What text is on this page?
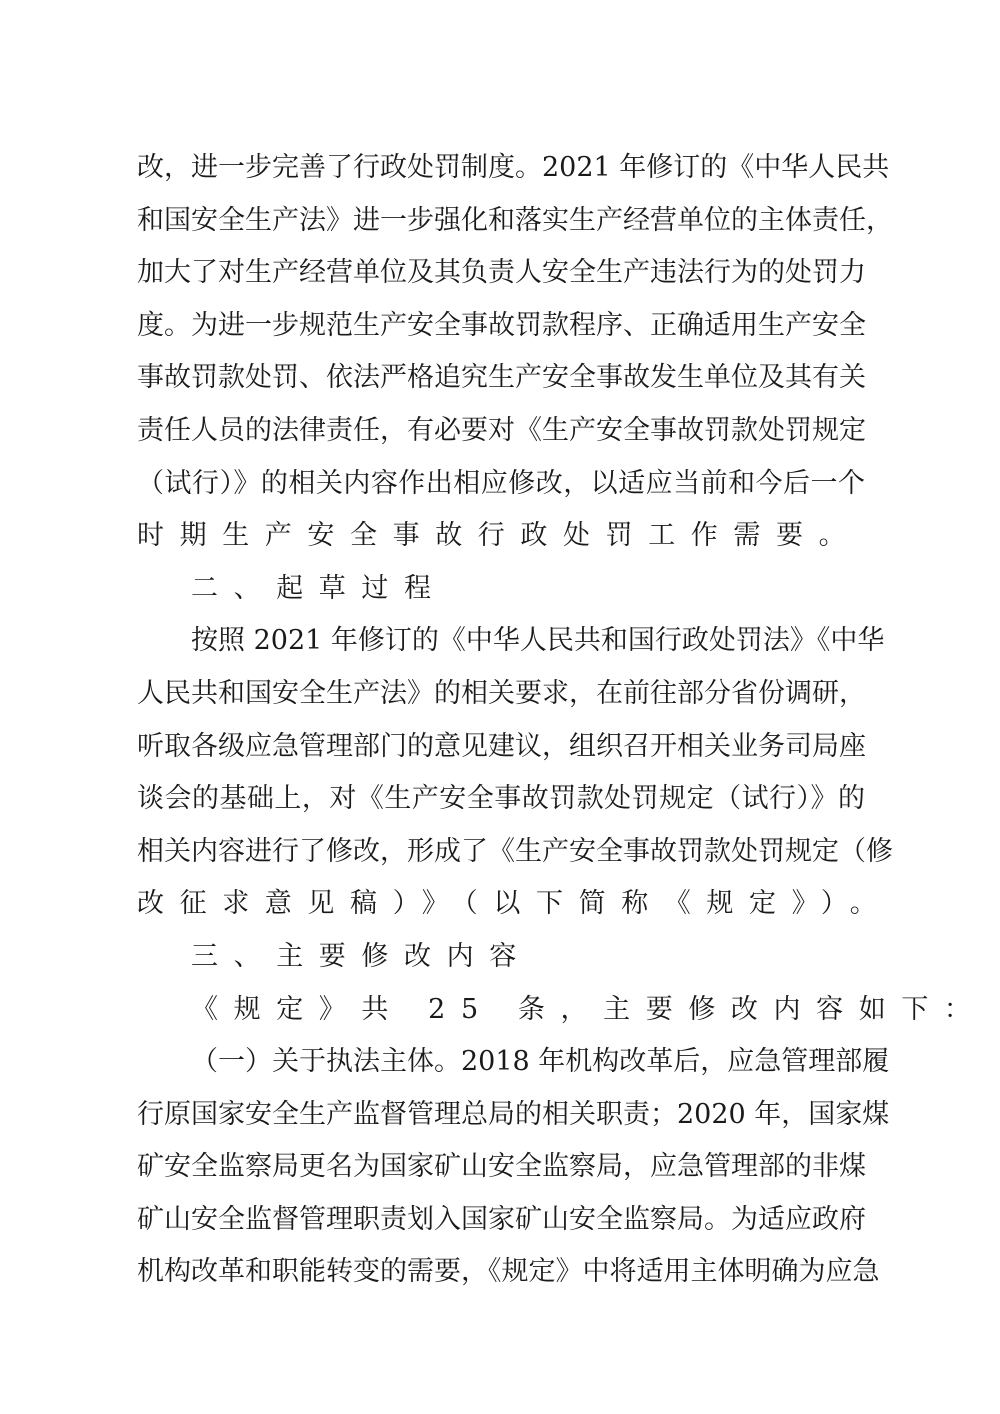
改，进一步完善了行政处罚制度。2021 年修订的《中华人民共
和国安全生产法》进一步强化和落实生产经营单位的主体责任，
加大了对生产经营单位及其负责人安全生产违法行为的处罚力
度。为进一步规范生产安全事故罚款程序、正确适用生产安全
事故罚款处罚、依法严格追究生产安全事故发生单位及其有关
责任人员的法律责任，有必要对《生产安全事故罚款处罚规定
（试行）》的相关内容作出相应修改，以适应当前和今后一个
时期生产安全事故行政处罚工作需要。
二、起草过程
按照 2021 年修订的《中华人民共和国行政处罚法》《中华
人民共和国安全生产法》的相关要求，在前往部分省份调研，
听取各级应急管理部门的意见建议，组织召开相关业务司局座
谈会的基础上，对《生产安全事故罚款处罚规定（试行）》的
相关内容进行了修改，形成了《生产安全事故罚款处罚规定（修
改征求意见稿）》（以下简称《规定》）。
三、主要修改内容
《规定》共 25 条，主要修改内容如下：
（一）关于执法主体。2018 年机构改革后，应急管理部履
行原国家安全生产监督管理总局的相关职责；2020 年，国家煤
矿安全监察局更名为国家矿山安全监察局，应急管理部的非煤
矿山安全监督管理职责划入国家矿山安全监察局。为适应政府
机构改革和职能转变的需要，《规定》中将适用主体明确为应急
